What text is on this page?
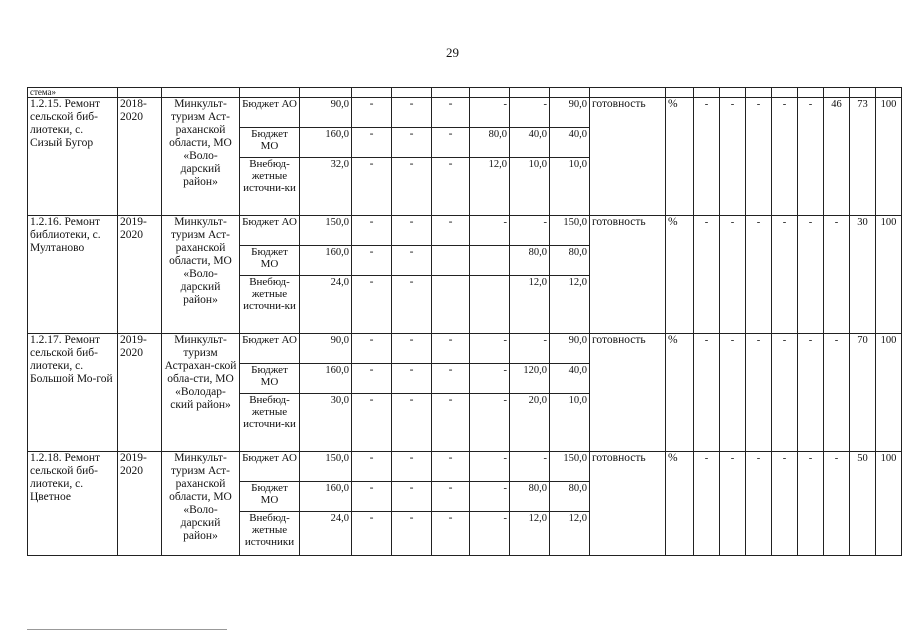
29
стема»																				
1.2.15. Ремонт сельской биб-лиотеки, с. Сизый Бугор	2018-2020	Минкульт-туризм Аст-раханской области, МО «Воло-дарский район»	Бюджет АО	90,0	-	-	-	-	-	90,0	готовность	%	-	-	-	-	-	46	73	100
			Бюджет МО	160,0	-	-	-	80,0	40,0	40,0										
			Внебюд-жетные источни-ки	32,0	-	-	-	12,0	10,0	10,0										
1.2.16. Ремонт библиотеки, с. Мултаново	2019-2020	Минкульт-туризм Аст-раханской области, МО «Воло-дарский район»	Бюджет АО	150,0	-	-	-	-	-	150,0	готовность	%	-	-	-	-	-	-	30	100
			Бюджет МО	160,0	-	-			80,0	80,0										
			Внебюд-жетные источни-ки	24,0	-	-			12,0	12,0										
1.2.17. Ремонт сельской биб-лиотеки, с. Большой Мо-гой	2019-2020	Минкульт-туризм Астрахан-ской обла-сти, МО «Володар-ский район»	Бюджет АО	90,0	-	-	-	-	-	90,0	готовность	%	-	-	-	-	-	-	70	100
			Бюджет МО	160,0	-	-	-	-	120,0	40,0										
			Внебюд-жетные источни-ки	30,0	-	-	-	-	20,0	10,0										
1.2.18. Ремонт сельской биб-лиотеки, с. Цветное	2019-2020	Минкульт-туризм Аст-раханской области, МО «Воло-дарский район»	Бюджет АО	150,0	-	-	-	-	-	150,0	готовность	%	-	-	-	-	-	-	50	100
			Бюджет МО	160,0	-	-	-	-	80,0	80,0										
			Внебюд-жетные источники	24,0	-	-	-	-	12,0	12,0										
